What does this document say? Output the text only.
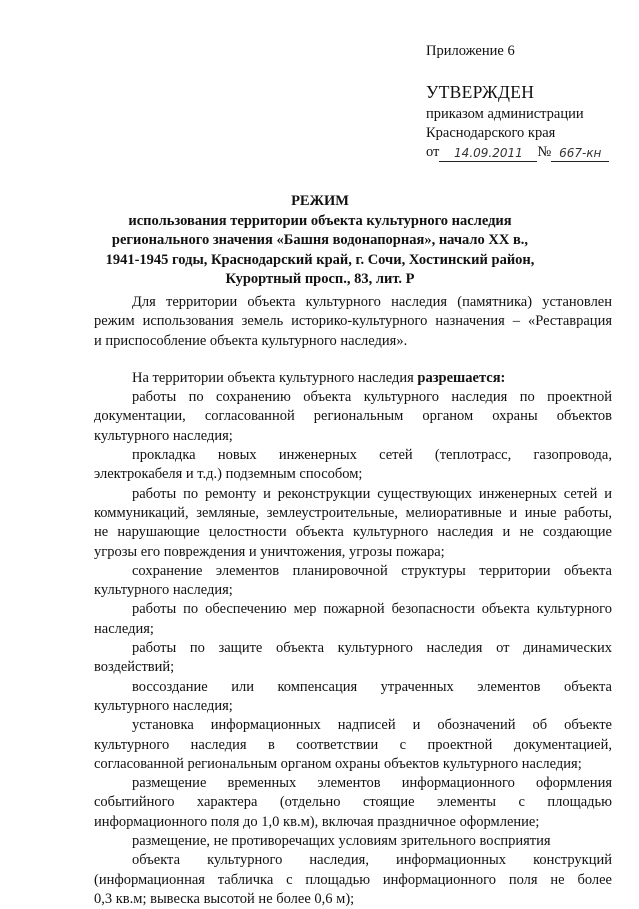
Приложение 6
УТВЕРЖДЕН
приказом администрации
Краснодарского края
от	14.09.2011	№ 667-кн
РЕЖИМ
использования территории объекта культурного наследия
регионального значения «Башня водонапорная», начало XX в.,
1941-1945 годы, Краснодарский край, г. Сочи, Хостинский район,
Курортный просп., 83, лит. Р
Для территории объекта культурного наследия (памятника) установлен
режим использования земель историко-культурного назначения – «Реставрация
и приспособление объекта культурного наследия».
На территории объекта культурного наследия разрешается:
работы по сохранению объекта культурного наследия по проектной
документации, согласованной региональным органом охраны объектов
культурного наследия;
прокладка новых инженерных сетей (теплотрасс, газопровода,
электрокабеля и т.д.) подземным способом;
работы по ремонту и реконструкции существующих инженерных сетей и
коммуникаций, земляные, землеустроительные, мелиоративные и иные работы,
не нарушающие целостности объекта культурного наследия и не создающие
угрозы его повреждения и уничтожения, угрозы пожара;
сохранение элементов планировочной структуры территории объекта
культурного наследия;
работы по обеспечению мер пожарной безопасности объекта культурного
наследия;
работы по защите объекта культурного наследия от динамических
воздействий;
воссоздание или компенсация утраченных элементов объекта
культурного наследия;
установка информационных надписей и обозначений об объекте
культурного наследия в соответствии с проектной документацией,
согласованной региональным органом охраны объектов культурного наследия;
размещение временных элементов информационного оформления
событийного характера (отдельно стоящие элементы с площадью
информационного поля до 1,0 кв.м), включая праздничное оформление;
размещение, не противоречащих условиям зрительного восприятия
объекта культурного наследия, информационных конструкций
(информационная табличка с площадью информационного поля не более
0,3 кв.м; вывеска высотой не более 0,6 м);
